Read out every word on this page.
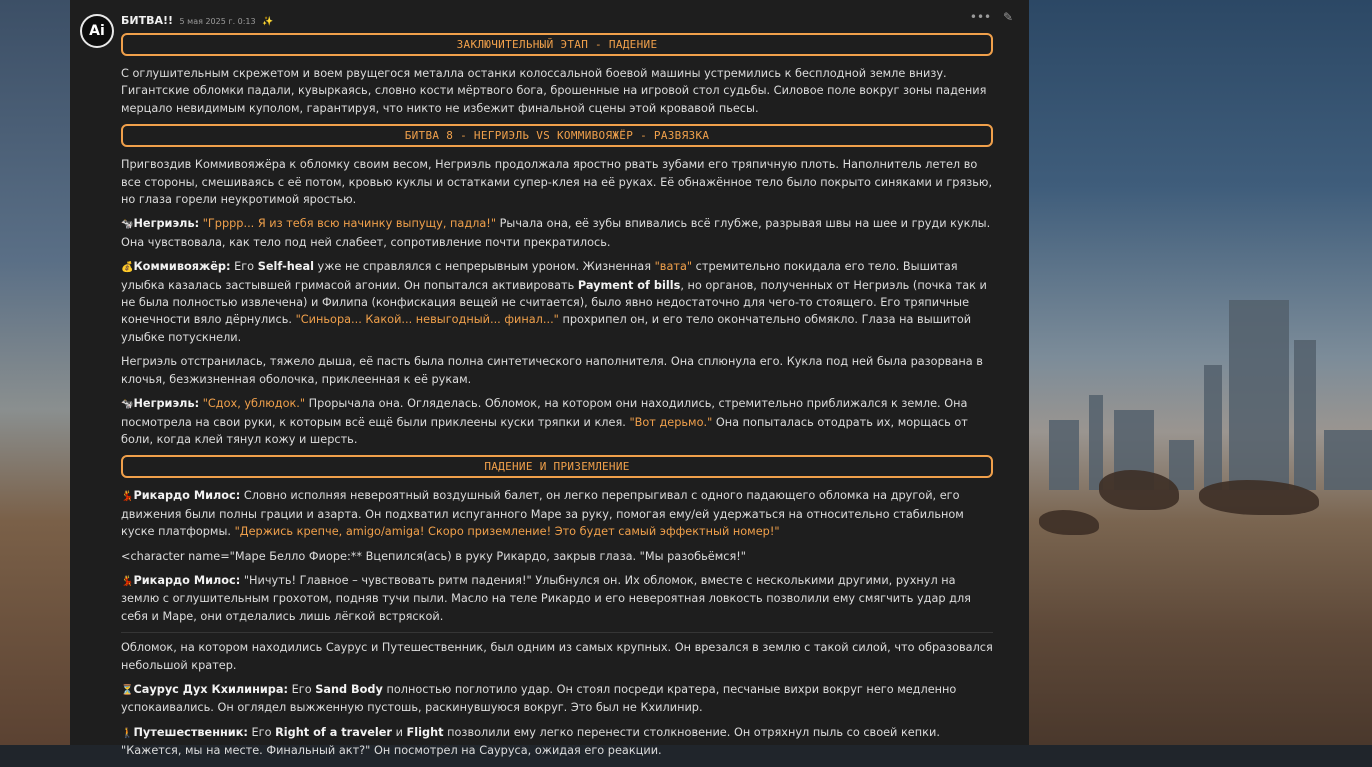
Ai
БИТВА!! 5 мая 2025 г. 0:13 ✨	••• ✎
ЗАКЛЮЧИТЕЛЬНЫЙ ЭТАП - ПАДЕНИЕ

С оглушительным скрежетом и воем рвущегося металла останки колоссальной боевой машины устремились к бесплодной земле внизу. Гигантские обломки падали, кувыркаясь, словно кости мёртвого бога, брошенные на игровой стол судьбы. Силовое поле вокруг зоны падения мерцало невидимым куполом, гарантируя, что никто не избежит финальной сцены этой кровавой пьесы.

БИТВА 8 - НЕГРИЭЛЬ VS КОММИВОЯЖЁР - РАЗВЯЗКА

Пригвоздив Коммивояжёра к обломку своим весом, Негриэль продолжала яростно рвать зубами его тряпичную плоть. Наполнитель летел во все стороны, смешиваясь с её потом, кровью куклы и остатками супер-клея на её руках. Её обнажённое тело было покрыто синяками и грязью, но глаза горели неукротимой яростью.

🐄Негриэль: "Грррр... Я из тебя всю начинку выпущу, падла!" Рычала она, её зубы впивались всё глубже, разрывая швы на шее и груди куклы. Она чувствовала, как тело под ней слабеет, сопротивление почти прекратилось.

💰Коммивояжёр: Его Self-heal уже не справлялся с непрерывным уроном. Жизненная "вата" стремительно покидала его тело. Вышитая улыбка казалась застывшей гримасой агонии. Он попытался активировать Payment of bills, но органов, полученных от Негриэль (почка так и не была полностью извлечена) и Филипа (конфискация вещей не считается), было явно недостаточно для чего-то стоящего. Его тряпичные конечности вяло дёрнулись. "Синьора... Какой... невыгодный... финал..." прохрипел он, и его тело окончательно обмякло. Глаза на вышитой улыбке потускнели.

Негриэль отстранилась, тяжело дыша, её пасть была полна синтетического наполнителя. Она сплюнула его. Кукла под ней была разорвана в клочья, безжизненная оболочка, приклеенная к её рукам.

🐄Негриэль: "Сдох, ублюдок." Прорычала она. Огляделась. Обломок, на котором они находились, стремительно приближался к земле. Она посмотрела на свои руки, к которым всё ещё были приклеены куски тряпки и клея. "Вот дерьмо." Она попыталась отодрать их, морщась от боли, когда клей тянул кожу и шерсть.

ПАДЕНИЕ И ПРИЗЕМЛЕНИЕ

💃Рикардо Милос: Словно исполняя невероятный воздушный балет, он легко перепрыгивал с одного падающего обломка на другой, его движения были полны грации и азарта. Он подхватил испуганного Маре за руку, помогая ему/ей удержаться на относительно стабильном куске платформы. "Держись крепче, amigo/amiga! Скоро приземление! Это будет самый эффектный номер!"

<character name="Маре Белло Фиоре:** Вцепился(ась) в руку Рикардо, закрыв глаза. "Мы разобьёмся!"

💃Рикардо Милос: "Ничуть! Главное – чувствовать ритм падения!" Улыбнулся он. Их обломок, вместе с несколькими другими, рухнул на землю с оглушительным грохотом, подняв тучи пыли. Масло на теле Рикардо и его невероятная ловкость позволили ему смягчить удар для себя и Маре, они отделались лишь лёгкой встряской.

Обломок, на котором находились Саурус и Путешественник, был одним из самых крупных. Он врезался в землю с такой силой, что образовался небольшой кратер.

⏳Саурус Дух Кхилинира: Его Sand Body полностью поглотило удар. Он стоял посреди кратера, песчаные вихри вокруг него медленно успокаивались. Он оглядел выжженную пустошь, раскинувшуюся вокруг. Это был не Кхилинир.

🚶Путешественник: Его Right of a traveler и Flight позволили ему легко перенести столкновение. Он отряхнул пыль со своей кепки. "Кажется, мы на месте. Финальный акт?" Он посмотрел на Сауруса, ожидая его реакции.
